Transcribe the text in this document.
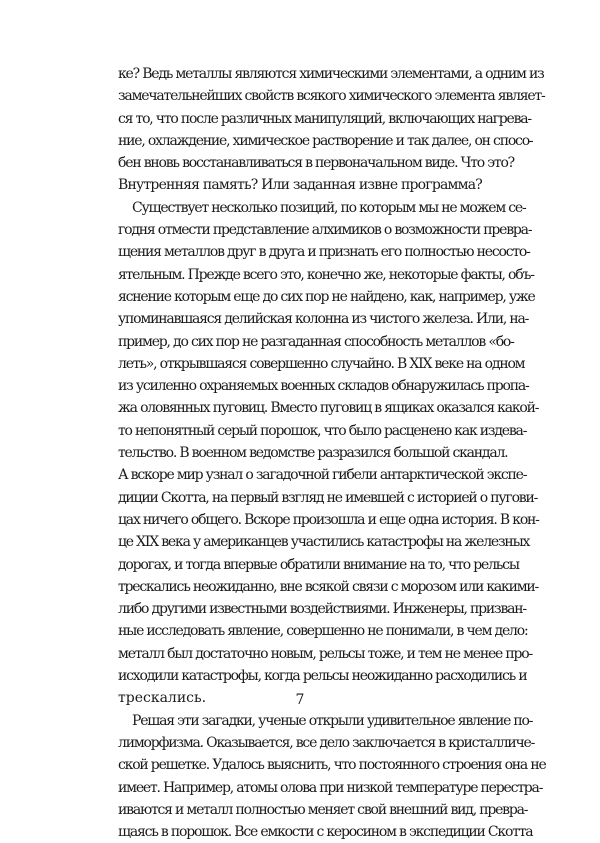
ке? Ведь металлы являются химическими элементами, а одним из
замечательнейших свойств всякого химического элемента являет-
ся то, что после различных манипуляций, включающих нагрева-
ние, охлаждение, химическое растворение и так далее, он спосо-
бен вновь восстанавливаться в первоначальном виде. Что это?
Внутренняя память? Или заданная извне программа?
Существует несколько позиций, по которым мы не можем се-
годня отмести представление алхимиков о возможности превра-
щения металлов друг в друга и признать его полностью несосто-
ятельным. Прежде всего это, конечно же, некоторые факты, объ-
яснение которым еще до сих пор не найдено, как, например, уже
упоминавшаяся делийская колонна из чистого железа. Или, на-
пример, до сих пор не разгаданная способность металлов «бо-
леть», открывшаяся совершенно случайно. В XIX веке на одном
из усиленно охраняемых военных складов обнаружилась пропа-
жа оловянных пуговиц. Вместо пуговиц в ящиках оказался какой-
то непонятный серый порошок, что было расценено как издева-
тельство. В военном ведомстве разразился большой скандал.
А вскоре мир узнал о загадочной гибели антарктической экспе-
диции Скотта, на первый взгляд не имевшей с историей о пугови-
цах ничего общего. Вскоре произошла и еще одна история. В кон-
це XIX века у американцев участились катастрофы на железных
дорогах, и тогда впервые обратили внимание на то, что рельсы
трескались неожиданно, вне всякой связи с морозом или какими-
либо другими известными воздействиями. Инженеры, призван-
ные исследовать явление, совершенно не понимали, в чем дело:
металл был достаточно новым, рельсы тоже, и тем не менее про-
исходили катастрофы, когда рельсы неожиданно расходились и
трескались.
Решая эти загадки, ученые открыли удивительное явление по-
лиморфизма. Оказывается, все дело заключается в кристалличе-
ской решетке. Удалось выяснить, что постоянного строения она не
имеет. Например, атомы олова при низкой температуре перестра-
иваются и металл полностью меняет свой внешний вид, превра-
щаясь в порошок. Все емкости с керосином в экспедиции Скотта
7
